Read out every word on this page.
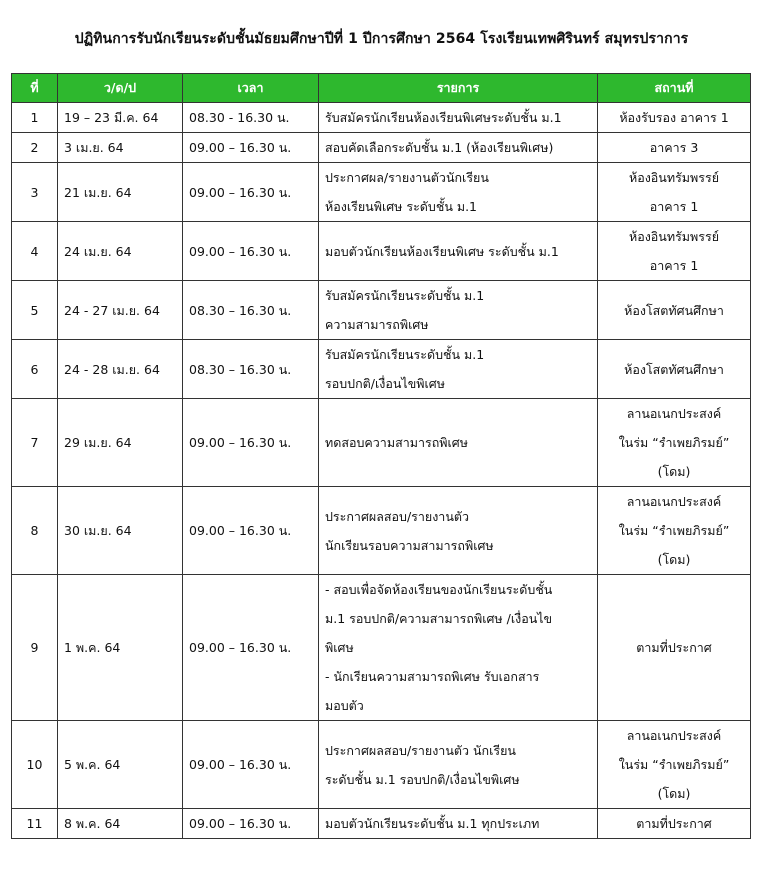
ปฏิทินการรับนักเรียนระดับชั้นมัธยมศึกษาปีที่ 1 ปีการศึกษา 2564 โรงเรียนเทพศิรินทร์ สมุทรปราการ
ที่	ว/ด/ป	เวลา	รายการ	สถานที่
1	19 – 23 มี.ค. 64	08.30 - 16.30 น.	รับสมัครนักเรียนห้องเรียนพิเศษระดับชั้น ม.1	ห้องรับรอง อาคาร 1

2	3 เม.ย. 64	09.00 – 16.30 น.	สอบคัดเลือกระดับชั้น ม.1 (ห้องเรียนพิเศษ)	อาคาร 3

3	21 เม.ย. 64	09.00 – 16.30 น.	ประกาศผล/รายงานตัวนักเรียน
ห้องเรียนพิเศษ ระดับชั้น ม.1	ห้องอินทรัมพรรย์
อาคาร 1

4	24 เม.ย. 64	09.00 – 16.30 น.	มอบตัวนักเรียนห้องเรียนพิเศษ ระดับชั้น ม.1	ห้องอินทรัมพรรย์
อาคาร 1

5	24 - 27 เม.ย. 64	08.30 – 16.30 น.	รับสมัครนักเรียนระดับชั้น ม.1
ความสามารถพิเศษ	ห้องโสตทัศนศึกษา

6	24 - 28 เม.ย. 64	08.30 – 16.30 น.	รับสมัครนักเรียนระดับชั้น ม.1
รอบปกติ/เงื่อนไขพิเศษ	ห้องโสตทัศนศึกษา

7	29 เม.ย. 64	09.00 – 16.30 น.	ทดสอบความสามารถพิเศษ	ลานอเนกประสงค์
ในร่ม “รำเพยภิรมย์”
(โดม)

8	30 เม.ย. 64	09.00 – 16.30 น.	ประกาศผลสอบ/รายงานตัว
นักเรียนรอบความสามารถพิเศษ	ลานอเนกประสงค์
ในร่ม “รำเพยภิรมย์”
(โดม)

9	1 พ.ค. 64	09.00 – 16.30 น.	- สอบเพื่อจัดห้องเรียนของนักเรียนระดับชั้น
ม.1 รอบปกติ/ความสามารถพิเศษ /เงื่อนไข
พิเศษ
- นักเรียนความสามารถพิเศษ รับเอกสาร
มอบตัว	ตามที่ประกาศ

10	5 พ.ค. 64	09.00 – 16.30 น.	ประกาศผลสอบ/รายงานตัว นักเรียน
ระดับชั้น ม.1 รอบปกติ/เงื่อนไขพิเศษ	ลานอเนกประสงค์
ในร่ม “รำเพยภิรมย์”
(โดม)

11	8 พ.ค. 64	09.00 – 16.30 น.	มอบตัวนักเรียนระดับชั้น ม.1 ทุกประเภท	ตามที่ประกาศ
